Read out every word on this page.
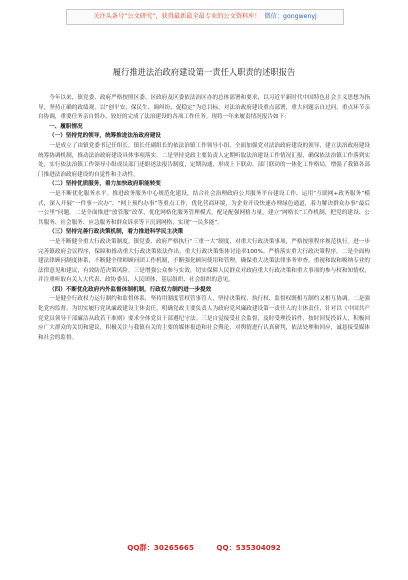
关注头条号“公文研究”，获得最新最全最专业的公文资料库！ 微信：gongwenyj
履行推进法治政府建设第一责任人职责的述职报告

今年以来，镇党委、政府严格按照区委、区政府及区委依法治区办的总体部署和要求，以习近平新时代中国特色社会主义思想为指导，坚持正确的政绩观，以“创平安、保民生、调纠纷、促稳定”为总目标，对法治政府建设重点部署，重大问题亲自过问，重点环节亲自协调，重要任务亲自督办，较好的完成了法治建设的各项工作任务。现将一年来履责情况报告如下：

一、履职情况

（一）坚持党的领导，统筹推进法治政府建设

一是成立了由镇党委书记任组长，镇长任副组长的依法治镇工作领导小组，全面加强党对法治政府建设的领导，建立法治政府建设统筹协调机制，推动法治政府建设具体事项落实。二是坚持党政主要负责人定期听取法治建设工作情况汇报，确保依法治镇工作落到实处，实行依法治镇工作领导小组成员部门述职述法报告制度，定期沟通，形成上下联动、部门联动的一体化工作格局，增强了我镇各部门推进法治政府建设的自觉性和主动性。

（二）坚持优质服务，着力加快政府职能转变

一是不断优化服务水平。推进政务服务中心规范化建设，结合社会治理政府公共服务平台建设工作，运用“互联网+政务服务”模式，深入开展“一件事一次办”、“网上预约办事”等重点工作，优化营商环境，为企业开设快速办理绿色通道，着力解决群众办事“最后一公里”问题。二是全面推进“放管服”改革，优化网格化服务管理模式。配足配强网格力量，建立“网格长”工作机制，把党的建设、公共服务、社会服务、应急服务和群众诉求等下沉到网格，实现“一员多能”。

（三）坚持完善行政决策机制，着力推进科学民主决策

一是不断健全重大行政决策制度。镇党委、政府严格执行“三重一大”制度，对重大行政决策事项，严格按照程序规范执行。进一步完善镇政府会议程序，保障和推动重大行政决策依法作出，重大行政决策集体讨论率100%。严格落实重大行政决策程序。二是全面构建法律顾问制度体系，不断健全律师顾问团工作机制，不断强化顾问使用和管理，确保重大决策法律事务审查，重视和取和吸纳专业的法律意见和建议，有效防范决策风险。三是增强公众参与实效，切实保障人民群众对政府重大行政决策和重大事项的参与权和知情权，并注重听取有关人大代表、政协委员、人民团体、基层组织、社会组织的意见。

（四）不断优化政府内外监督体制机制，行政权力制约进一步提效

一是健全行政权力运行制约和监督体系，坚持用制度管权管事管人，坚持决策权、执行权、监督权既相互制约又相互协调。二是强化党内监督。为切实履行党风廉政建设主体责任，明确党政主要负责人为政府党风廉政建设第一责任人的主体责任，针对以《中国共产党党员领导干部廉洁从政若干准则》要求全体党员干部遵纪守法。三是自觉接受社会监督，及时受理投诉件，按时回复投诉人，积极回应广大群众的关切和建议，积极关注与我镇有关的主要的媒体报道和社会舆论，对舆情进行认真研判，依法处理和回应，诚恳接受媒体和社会的监督。

QQ群：30265665	QQ：535304092
